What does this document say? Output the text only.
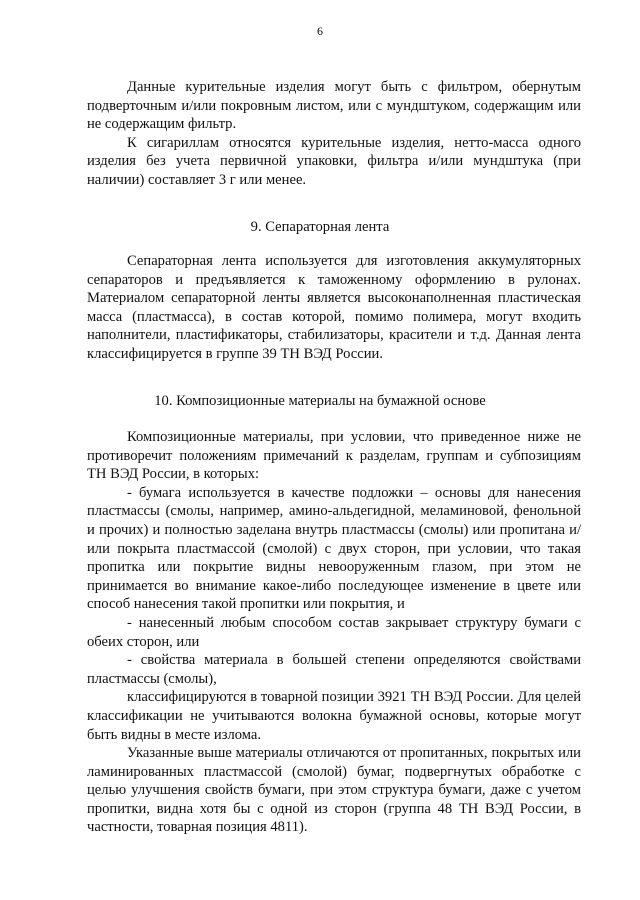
6

Данные курительные изделия могут быть с фильтром, обернутым подверточным и/или покровным листом, или с мундштуком, содержащим или не содержащим фильтр.

К сигариллам относятся курительные изделия, нетто-масса одного изделия без учета первичной упаковки, фильтра и/или мундштука (при наличии) составляет 3 г или менее.

9. Сепараторная лента

Сепараторная лента используется для изготовления аккумуляторных сепараторов и предъявляется к таможенному оформлению в рулонах. Материалом сепараторной ленты является высоконаполненная пластическая масса (пластмасса), в состав которой, помимо полимера, могут входить наполнители, пластификаторы, стабилизаторы, красители и т.д. Данная лента классифицируется в группе 39 ТН ВЭД России.

10. Композиционные материалы на бумажной основе

Композиционные материалы, при условии, что приведенное ниже не противоречит положениям примечаний к разделам, группам и субпозициям ТН ВЭД России, в которых:

- бумага используется в качестве подложки – основы для нанесения пластмассы (смолы, например, амино-альдегидной, меламиновой, фенольной и прочих) и полностью заделана внутрь пластмассы (смолы) или пропитана и/или покрыта пластмассой (смолой) с двух сторон, при условии, что такая пропитка или покрытие видны невооруженным глазом, при этом не принимается во внимание какое-либо последующее изменение в цвете или способ нанесения такой пропитки или покрытия, и

- нанесенный любым способом состав закрывает структуру бумаги с обеих сторон, или

- свойства материала в большей степени определяются свойствами пластмассы (смолы),

классифицируются в товарной позиции 3921 ТН ВЭД России. Для целей классификации не учитываются волокна бумажной основы, которые могут быть видны в месте излома.

Указанные выше материалы отличаются от пропитанных, покрытых или ламинированных пластмассой (смолой) бумаг, подвергнутых обработке с целью улучшения свойств бумаги, при этом структура бумаги, даже с учетом пропитки, видна хотя бы с одной из сторон (группа 48 ТН ВЭД России, в частности, товарная позиция 4811).
